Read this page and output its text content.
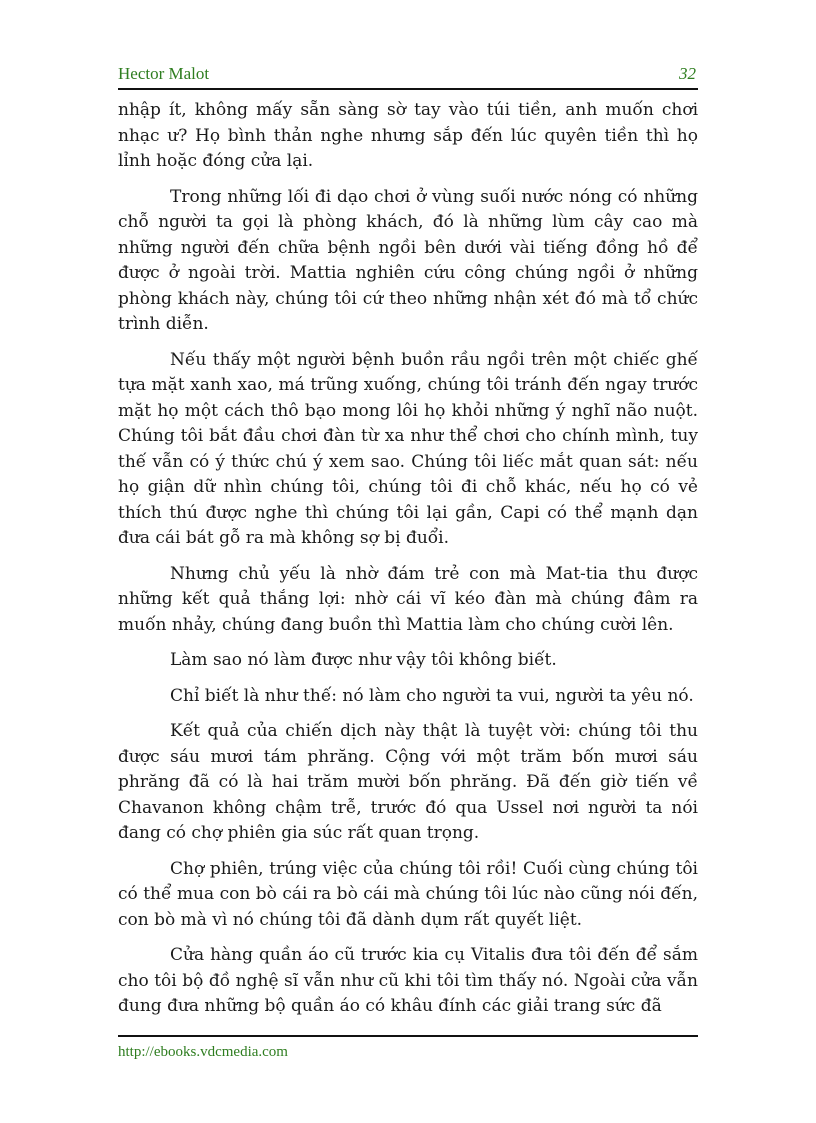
Hector Malot	32

nhập ít, không mấy sẵn sàng sờ tay vào túi tiền, anh muốn chơi nhạc ư? Họ bình thản nghe nhưng sắp đến lúc quyên tiền thì họ lỉnh hoặc đóng cửa lại.

Trong những lối đi dạo chơi ở vùng suối nước nóng có những chỗ người ta gọi là phòng khách, đó là những lùm cây cao mà những người đến chữa bệnh ngồi bên dưới vài tiếng đồng hồ để được ở ngoài trời. Mattia nghiên cứu công chúng ngồi ở những phòng khách này, chúng tôi cứ theo những nhận xét đó mà tổ chức trình diễn.

Nếu thấy một người bệnh buồn rầu ngồi trên một chiếc ghế tựa mặt xanh xao, má trũng xuống, chúng tôi tránh đến ngay trước mặt họ một cách thô bạo mong lôi họ khỏi những ý nghĩ não nuột. Chúng tôi bắt đầu chơi đàn từ xa như thể chơi cho chính mình, tuy thế vẫn có ý thức chú ý xem sao. Chúng tôi liếc mắt quan sát: nếu họ giận dữ nhìn chúng tôi, chúng tôi đi chỗ khác, nếu họ có vẻ thích thú được nghe thì chúng tôi lại gần, Capi có thể mạnh dạn đưa cái bát gỗ ra mà không sợ bị đuổi.

Nhưng chủ yếu là nhờ đám trẻ con mà Mat-tia thu được những kết quả thắng lợi: nhờ cái vĩ kéo đàn mà chúng đâm ra muốn nhảy, chúng đang buồn thì Mattia làm cho chúng cười lên.

Làm sao nó làm được như vậy tôi không biết.

Chỉ biết là như thế: nó làm cho người ta vui, người ta yêu nó.

Kết quả của chiến dịch này thật là tuyệt vời: chúng tôi thu được sáu mươi tám phrăng. Cộng với một trăm bốn mươi sáu phrăng đã có là hai trăm mười bốn phrăng. Đã đến giờ tiến về Chavanon không chậm trễ, trước đó qua Ussel nơi người ta nói đang có chợ phiên gia súc rất quan trọng.

Chợ phiên, trúng việc của chúng tôi rồi! Cuối cùng chúng tôi có thể mua con bò cái ra bò cái mà chúng tôi lúc nào cũng nói đến, con bò mà vì nó chúng tôi đã dành dụm rất quyết liệt.

Cửa hàng quần áo cũ trước kia cụ Vitalis đưa tôi đến để sắm cho tôi bộ đồ nghệ sĩ vẫn như cũ khi tôi tìm thấy nó. Ngoài cửa vẫn đung đưa những bộ quần áo có khâu đính các giải trang sức đã

http://ebooks.vdcmedia.com
